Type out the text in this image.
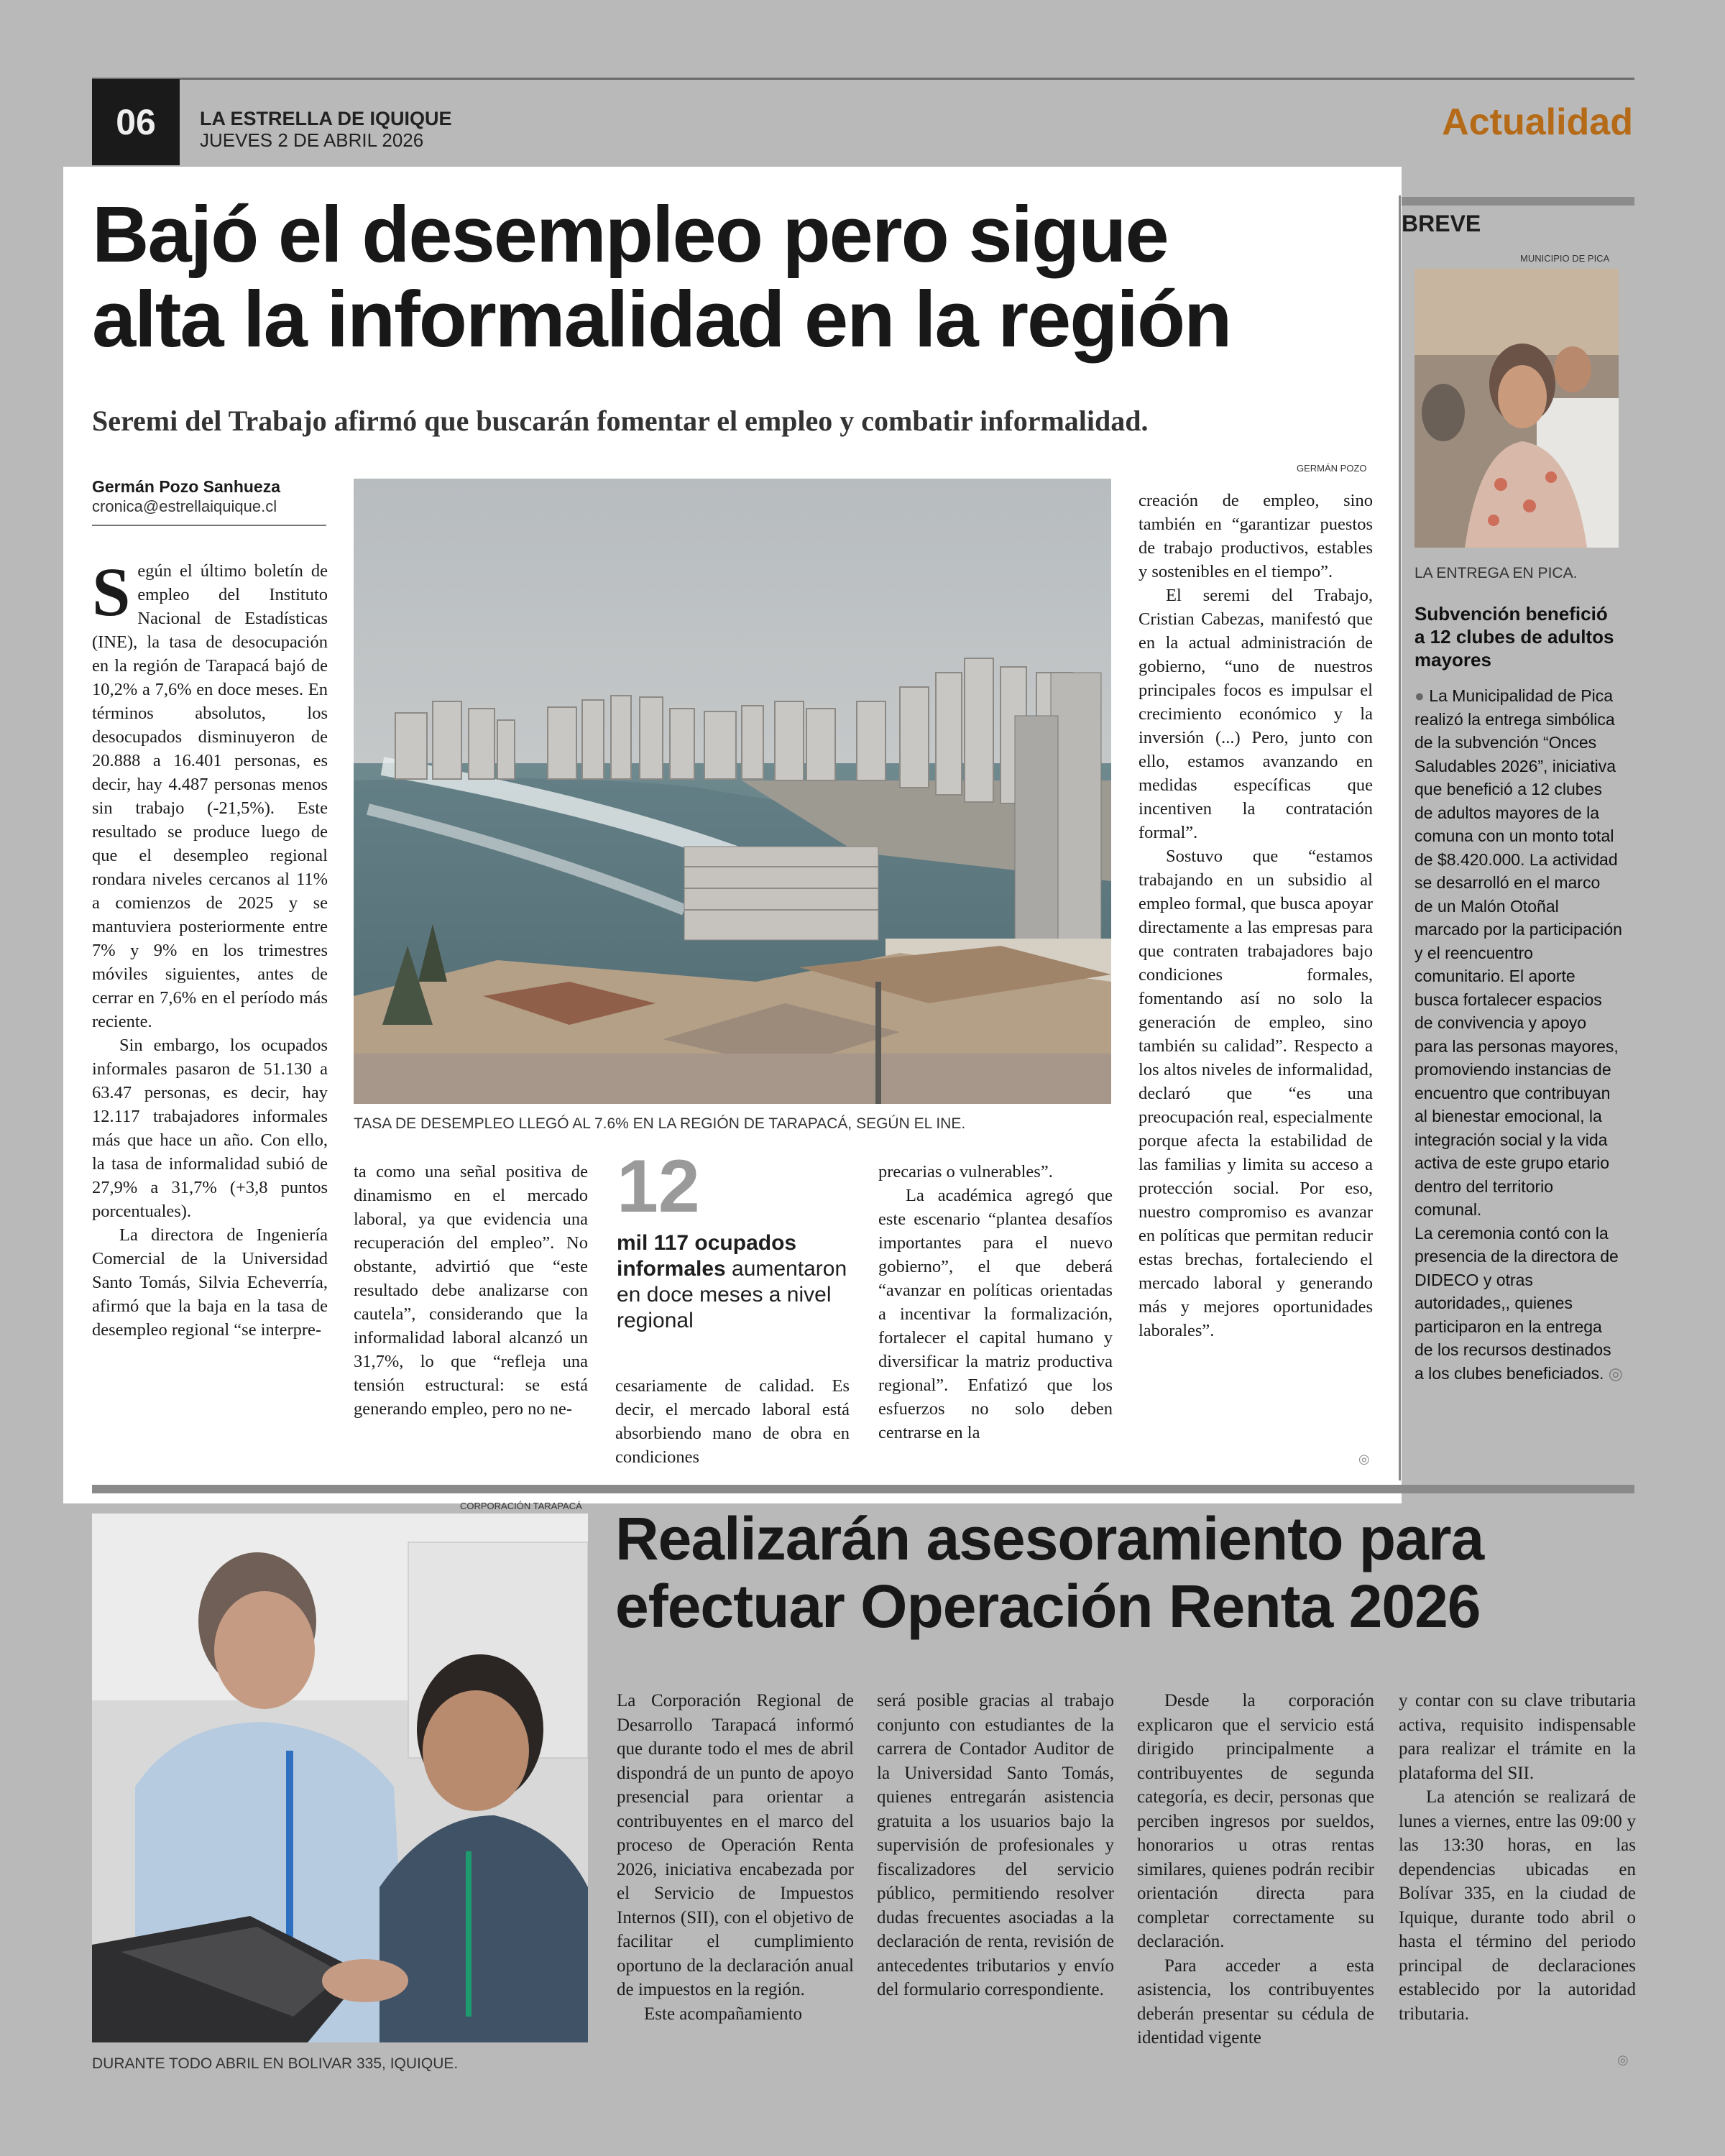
06	LA ESTRELLA DE IQUIQUE
JUEVES 2 DE ABRIL 2026	Actualidad
Bajó el desempleo pero sigue
alta la informalidad en la región
Seremi del Trabajo afirmó que buscarán fomentar el empleo y combatir informalidad.
GERMÁN POZO
Germán Pozo Sanhueza
cronica@estrellaiquique.cl

Según el último boletín de empleo del Instituto Nacional de Estadísticas (INE), la tasa de desocupación en la región de Tarapacá bajó de 10,2% a 7,6% en doce meses. En términos absolutos, los desocupados disminuyeron de 20.888 a 16.401 personas, es decir, hay 4.487 personas menos sin trabajo (-21,5%). Este resultado se produce luego de que el desempleo regional rondara niveles cercanos al 11% a comienzos de 2025 y se mantuviera posteriormente entre 7% y 9% en los trimestres móviles siguientes, antes de cerrar en 7,6% en el período más reciente.

Sin embargo, los ocupados informales pasaron de 51.130 a 63.47 personas, es decir, hay 12.117 trabajadores informales más que hace un año. Con ello, la tasa de informalidad subió de 27,9% a 31,7% (+3,8 puntos porcentuales).

La directora de Ingeniería Comercial de la Universidad Santo Tomás, Silvia Echeverría, afirmó que la baja en la tasa de desempleo regional “se interpre-

TASA DE DESEMPLEO LLEGÓ AL 7.6% EN LA REGIÓN DE TARAPACÁ, SEGÚN EL INE.

ta como una señal positiva de dinamismo en el mercado laboral, ya que evidencia una recuperación del empleo”. No obstante, advirtió que “este resultado debe analizarse con cautela”, considerando que la informalidad laboral alcanzó un 31,7%, lo que “refleja una tensión estructural: se está generando empleo, pero no ne-

12
mil 117 ocupados informales aumentaron en doce meses a nivel regional

cesariamente de calidad. Es decir, el mercado laboral está absorbiendo mano de obra en condiciones

precarias o vulnerables”.

La académica agregó que este escenario “plantea desafíos importantes para el nuevo gobierno”, el que deberá “avanzar en políticas orientadas a incentivar la formalización, fortalecer el capital humano y diversificar la matriz productiva regional”. Enfatizó que los esfuerzos no solo deben centrarse en la

creación de empleo, sino también en “garantizar puestos de trabajo productivos, estables y sostenibles en el tiempo”.

El seremi del Trabajo, Cristian Cabezas, manifestó que en la actual administración de gobierno, “uno de nuestros principales focos es impulsar el crecimiento económico y la inversión (...) Pero, junto con ello, estamos avanzando en medidas específicas que incentiven la contratación formal”.

Sostuvo que “estamos trabajando en un subsidio al empleo formal, que busca apoyar directamente a las empresas para que contraten trabajadores bajo condiciones formales, fomentando así no solo la generación de empleo, sino también su calidad”. Respecto a los altos niveles de informalidad, declaró que “es una preocupación real, especialmente porque afecta la estabilidad de las familias y limita su acceso a protección social. Por eso, nuestro compromiso es avanzar en políticas que permitan reducir estas brechas, fortaleciendo el mercado laboral y generando más y mejores oportunidades laborales”.

◎
BREVE
MUNICIPIO DE PICA
LA ENTREGA EN PICA.
Subvención benefició a 12 clubes de adultos mayores
● La Municipalidad de Pica realizó la entrega simbólica de la subvención “Onces Saludables 2026”, iniciativa que benefició a 12 clubes de adultos mayores de la comuna con un monto total de $8.420.000. La actividad se desarrolló en el marco de un Malón Otoñal marcado por la participación y el reencuentro comunitario. El aporte busca fortalecer espacios de convivencia y apoyo para las personas mayores, promoviendo instancias de encuentro que contribuyan al bienestar emocional, la integración social y la vida activa de este grupo etario dentro del territorio comunal.
La ceremonia contó con la presencia de la directora de DIDECO y otras autoridades,, quienes participaron en la entrega de los recursos destinados a los clubes beneficiados. ◎
CORPORACIÓN TARAPACÁ
DURANTE TODO ABRIL EN BOLIVAR 335, IQUIQUE.
Realizarán asesoramiento para
efectuar Operación Renta 2026

La Corporación Regional de Desarrollo Tarapacá informó que durante todo el mes de abril dispondrá de un punto de apoyo presencial para orientar a contribuyentes en el marco del proceso de Operación Renta 2026, iniciativa encabezada por el Servicio de Impuestos Internos (SII), con el objetivo de facilitar el cumplimiento oportuno de la declaración anual de impuestos en la región.

Este acompañamiento

será posible gracias al trabajo conjunto con estudiantes de la carrera de Contador Auditor de la Universidad Santo Tomás, quienes entregarán asistencia gratuita a los usuarios bajo la supervisión de profesionales y fiscalizadores del servicio público, permitiendo resolver dudas frecuentes asociadas a la declaración de renta, revisión de antecedentes tributarios y envío del formulario correspondiente.

Desde la corporación explicaron que el servicio está dirigido principalmente a contribuyentes de segunda categoría, es decir, personas que perciben ingresos por sueldos, honorarios u otras rentas similares, quienes podrán recibir orientación directa para completar correctamente su declaración.

Para acceder a esta asistencia, los contribuyentes deberán presentar su cédula de identidad vigente

y contar con su clave tributaria activa, requisito indispensable para realizar el trámite en la plataforma del SII.

La atención se realizará de lunes a viernes, entre las 09:00 y las 13:30 horas, en las dependencias ubicadas en Bolívar 335, en la ciudad de Iquique, durante todo abril o hasta el término del periodo principal de declaraciones establecido por la autoridad tributaria.

◎
